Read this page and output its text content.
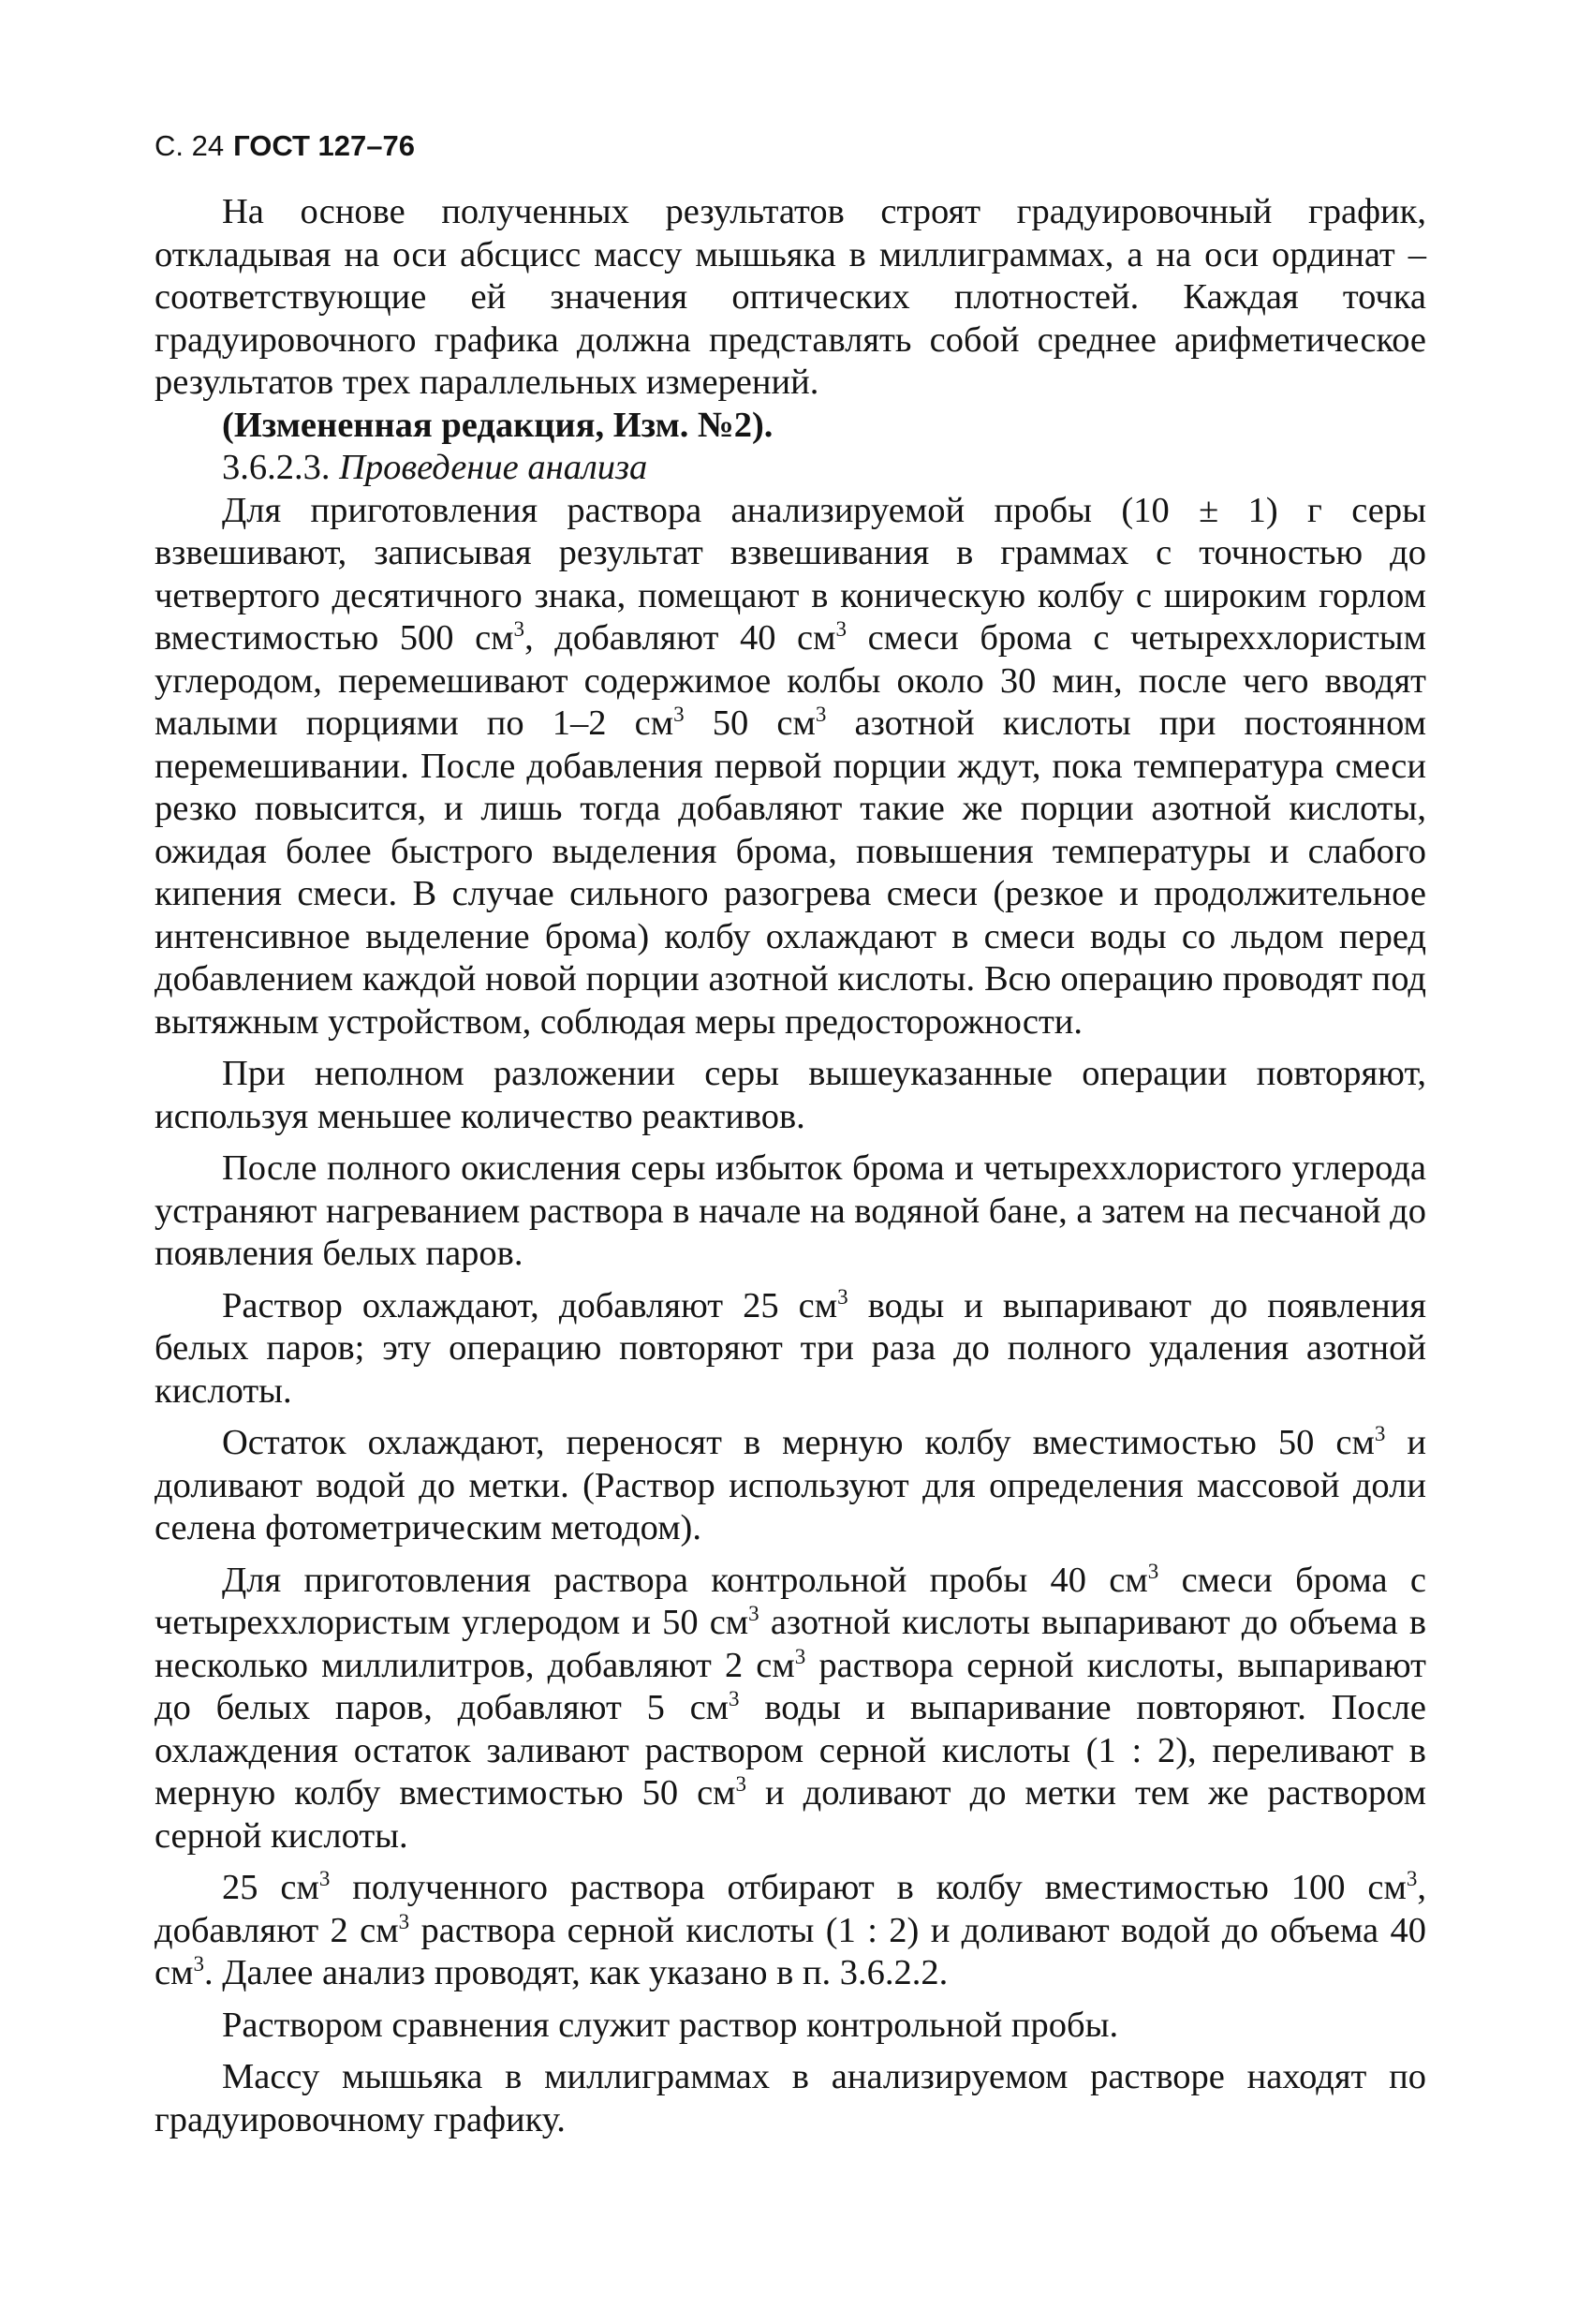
С. 24 ГОСТ 127–76

На основе полученных результатов строят градуировочный график, откладывая на оси абсцисс массу мышьяка в миллиграммах, а на оси ординат – соответствующие ей значения оптических плотностей. Каждая точка градуировочного графика должна представлять собой среднее арифметическое результатов трех параллельных измерений.

(Измененная редакция, Изм. №2).
3.6.2.3. Проведение анализа

Для приготовления раствора анализируемой пробы (10 ± 1) г серы взвешивают, записывая результат взвешивания в граммах с точностью до четвертого десятичного знака, помещают в коническую колбу с широким горлом вместимостью 500 $см^3$, добавляют 40 $см^3$ смеси брома с четыреххлористым углеродом, перемешивают содержимое колбы около 30 мин, после чего вводят малыми порциями по 1–2 $см^3$ 50 $см^3$ азотной кислоты при постоянном перемешивании. После добавления первой порции ждут, пока температура смеси резко повысится, и лишь тогда добавляют такие же порции азотной кислоты, ожидая более быстрого выделения брома, повышения температуры и слабого кипения смеси. В случае сильного разогрева смеси (резкое и продолжительное интенсивное выделение брома) колбу охлаждают в смеси воды со льдом перед добавлением каждой новой порции азотной кислоты. Всю операцию проводят под вытяжным устройством, соблюдая меры предосторожности.

При неполном разложении серы вышеуказанные операции повторяют, используя меньшее количество реактивов.

После полного окисления серы избыток брома и четыреххлористого углерода устраняют нагреванием раствора в начале на водяной бане, а затем на песчаной до появления белых паров.

Раствор охлаждают, добавляют 25 $см^3$ воды и выпаривают до появления белых паров; эту операцию повторяют три раза до полного удаления азотной кислоты.

Остаток охлаждают, переносят в мерную колбу вместимостью 50 $см^3$ и доливают водой до метки. (Раствор используют для определения массовой доли селена фотометрическим методом).

Для приготовления раствора контрольной пробы 40 $см^3$ смеси брома с четыреххлористым углеродом и 50 $см^3$ азотной кислоты выпаривают до объема в несколько миллилитров, добавляют 2 $см^3$ раствора серной кислоты, выпаривают до белых паров, добавляют 5 $см^3$ воды и выпаривание повторяют. После охлаждения остаток заливают раствором серной кислоты (1 : 2), переливают в мерную колбу вместимостью 50 $см^3$ и доливают до метки тем же раствором серной кислоты.

25 $см^3$ полученного раствора отбирают в колбу вместимостью 100 $см^3$, добавляют 2 $см^3$ раствора серной кислоты (1 : 2) и доливают водой до объема 40 $см^3$. Далее анализ проводят, как указано в п. 3.6.2.2.

Раствором сравнения служит раствор контрольной пробы.

Массу мышьяка в миллиграммах в анализируемом растворе находят по градуировочному графику.
